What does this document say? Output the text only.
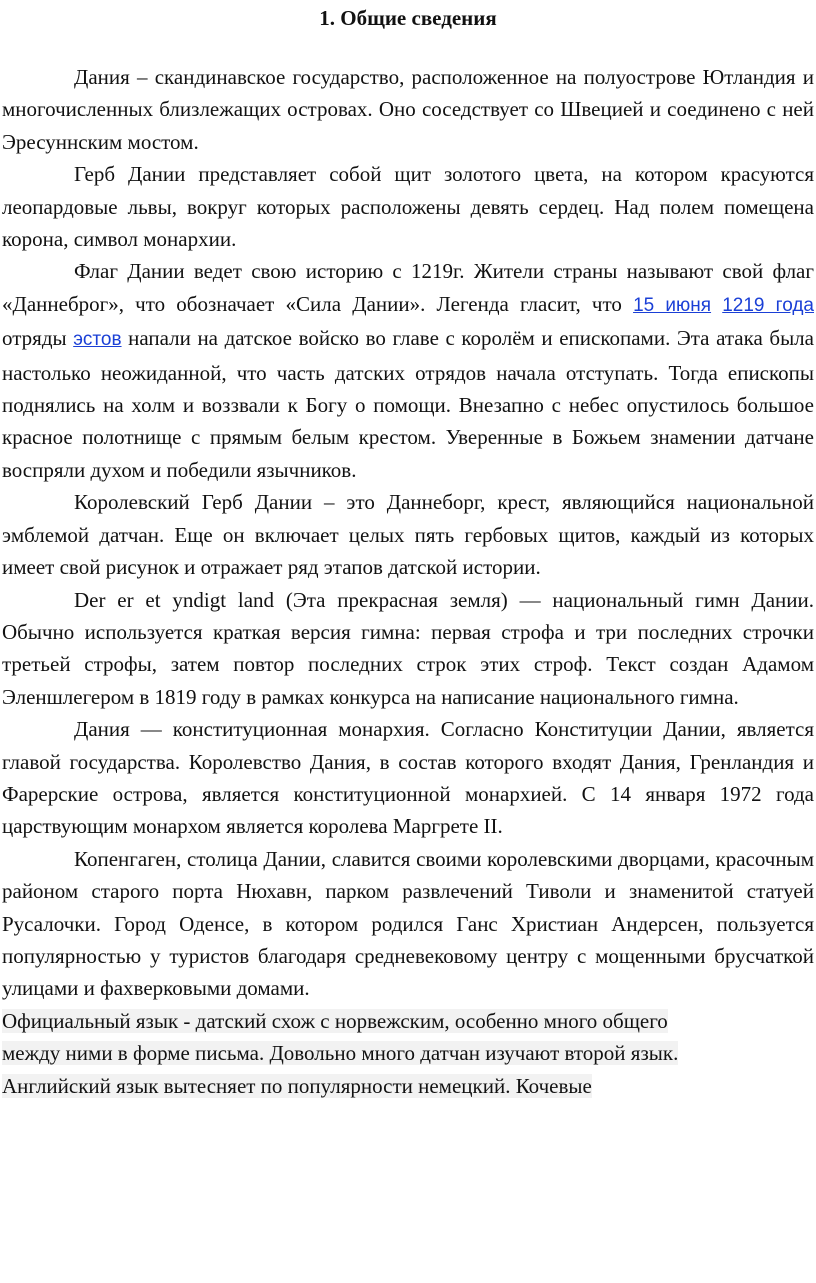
1. Общие сведения

Дания – скандинавское государство, расположенное на полуострове Ютландия и многочисленных близлежащих островах. Оно соседствует со Швецией и соединено с ней Эресуннским мостом.

Герб Дании представляет собой щит золотого цвета, на котором красуются леопардовые львы, вокруг которых расположены девять сердец. Над полем помещена корона, символ монархии.

Флаг Дании ведет свою историю с 1219г. Жители страны называют свой флаг «Даннеброг», что обозначает «Сила Дании». Легенда гласит, что 15 июня 1219 года отряды эстов напали на датское войско во главе с королём и епископами. Эта атака была настолько неожиданной, что часть датских отрядов начала отступать. Тогда епископы поднялись на холм и воззвали к Богу о помощи. Внезапно с небес опустилось большое красное полотнище с прямым белым крестом. Уверенные в Божьем знамении датчане воспряли духом и победили язычников.

Королевский Герб Дании – это Даннеборг, крест, являющийся национальной эмблемой датчан. Еще он включает целых пять гербовых щитов, каждый из которых имеет свой рисунок и отражает ряд этапов датской истории.

Der er et yndigt land (Эта прекрасная земля) — национальный гимн Дании. Обычно используется краткая версия гимна: первая строфа и три последних строчки третьей строфы, затем повтор последних строк этих строф. Текст создан Адамом Эленшлегером в 1819 году в рамках конкурса на написание национального гимна.

Дания — конституционная монархия. Согласно Конституции Дании, является главой государства. Королевство Дания, в состав которого входят Дания, Гренландия и Фарерские острова, является конституционной монархией. С 14 января 1972 года царствующим монархом является королева Маргрете II.

Копенгаген, столица Дании, славится своими королевскими дворцами, красочным районом старого порта Нюхавн, парком развлечений Тиволи и знаменитой статуей Русалочки. Город Оденсе, в котором родился Ганс Христиан Андерсен, пользуется популярностью у туристов благодаря средневековому центру с мощенными брусчаткой улицами и фахверковыми домами.

Официальный язык - датский схож с норвежским, особенно много общего
между ними в форме письма. Довольно много датчан изучают второй язык.
Английский язык вытесняет по популярности немецкий. Кочевые
